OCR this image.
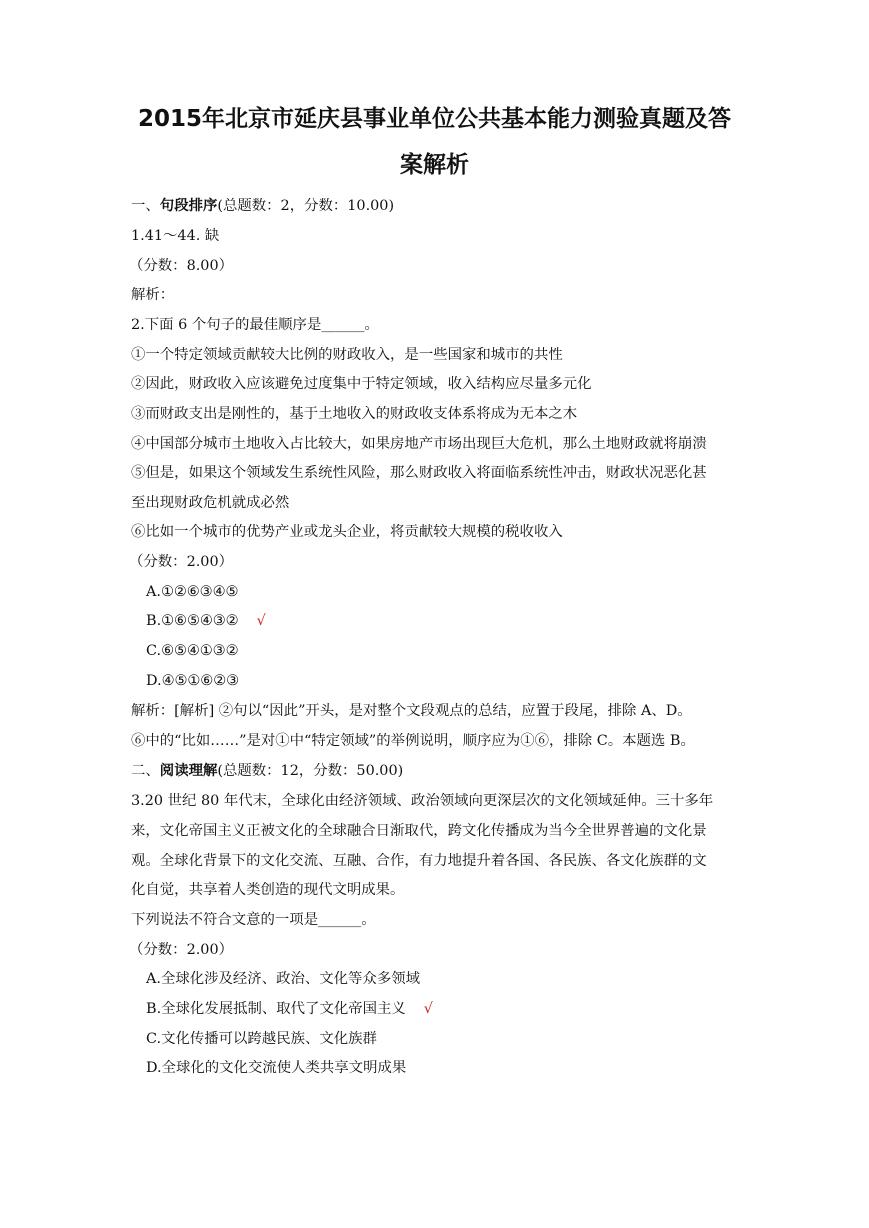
2015年北京市延庆县事业单位公共基本能力测验真题及答
案解析
一、句段排序(总题数：2，分数：10.00)
1.41～44. 缺
（分数：8.00）
解析：
2.下面 6 个句子的最佳顺序是______。
①一个特定领域贡献较大比例的财政收入，是一些国家和城市的共性
②因此，财政收入应该避免过度集中于特定领域，收入结构应尽量多元化
③而财政支出是刚性的，基于土地收入的财政收支体系将成为无本之木
④中国部分城市土地收入占比较大，如果房地产市场出现巨大危机，那么土地财政就将崩溃
⑤但是，如果这个领域发生系统性风险，那么财政收入将面临系统性冲击，财政状况恶化甚
至出现财政危机就成必然
⑥比如一个城市的优势产业或龙头企业，将贡献较大规模的税收收入
（分数：2.00）
A.①②⑥③④⑤
B.①⑥⑤④③② √
C.⑥⑤④①③②
D.④⑤①⑥②③
解析：[解析] ②句以“因此”开头，是对整个文段观点的总结，应置于段尾，排除 A、D。
⑥中的“比如……”是对①中“特定领域”的举例说明，顺序应为①⑥，排除 C。本题选 B。
二、阅读理解(总题数：12，分数：50.00)
3.20 世纪 80 年代末，全球化由经济领域、政治领域向更深层次的文化领域延伸。三十多年
来，文化帝国主义正被文化的全球融合日渐取代，跨文化传播成为当今全世界普遍的文化景
观。全球化背景下的文化交流、互融、合作，有力地提升着各国、各民族、各文化族群的文
化自觉，共享着人类创造的现代文明成果。
下列说法不符合文意的一项是______。
（分数：2.00）
A.全球化涉及经济、政治、文化等众多领域
B.全球化发展抵制、取代了文化帝国主义 √
C.文化传播可以跨越民族、文化族群
D.全球化的文化交流使人类共享文明成果
